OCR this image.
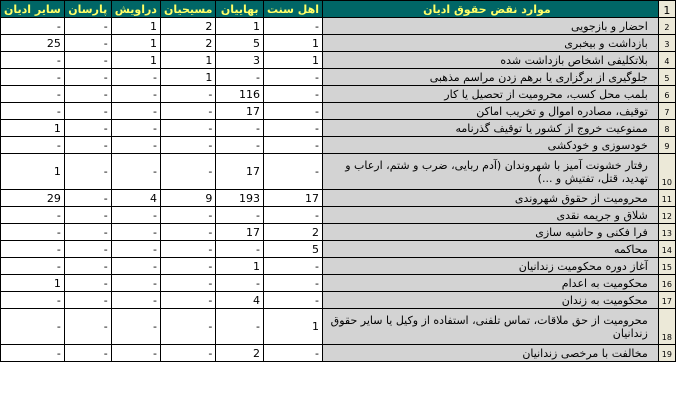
سایر ادیان	پارسان	دراویش	مسیحیان	بهاییان	اهل سنت	موارد نقض حقوق ادیان	1
-	-	1	2	1	-	احضار و بازجویی	2
25	-	1	2	5	1	بازداشت و بیخبری	3
-	-	1	1	3	1	بلاتکلیفی اشخاص بازداشت شده	4
-	-	-	1	-	-	جلوگیری از برگزاری یا برهم زدن مراسم مذهبی	5
-	-	-	-	116	-	بلمب محل کسب، محرومیت از تحصیل یا کار	6
-	-	-	-	17	-	توقیف، مصادره اموال و تخریب اماکن	7
1	-	-	-	-	-	ممنوعیت خروج از کشور یا توقیف گذرنامه	8
-	-	-	-	-	-	خودسوزی و خودکشی	9
1	-	-	-	17	-	رفتار خشونت آمیز با شهروندان (آدم ربایی، ضرب و شتم، ارعاب و تهدید، قتل، تفتیش و ...)	10
29	-	4	9	193	17	محرومیت از حقوق شهروندی	11
-	-	-	-	-	-	شلاق و جریمه نقدی	12
-	-	-	-	17	2	فرا فکنی و حاشیه سازی	13
-	-	-	-	-	5	محاکمه	14
-	-	-	-	1	-	آغاز دوره محکومیت زندانیان	15
1	-	-	-	-	-	محکومیت به اعدام	16
-	-	-	-	4	-	محکومیت به زندان	17
-	-	-	-	-	1	محرومیت از حق ملاقات، تماس تلفنی، استفاده از وکیل یا سایر حقوق زندانیان	18
-	-	-	-	2	-	مخالفت با مرخصی زندانیان	19
